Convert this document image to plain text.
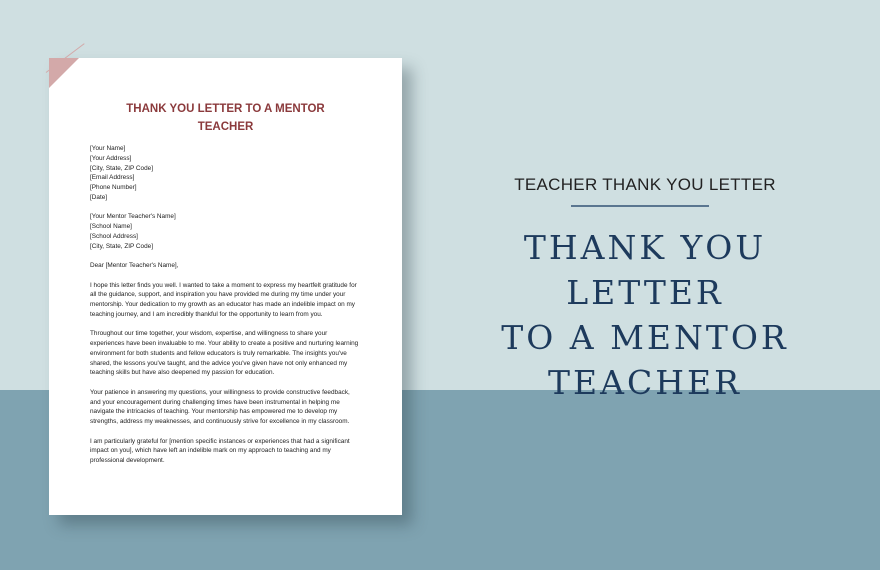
THANK YOU LETTER TO A MENTOR
TEACHER
[Your Name]
[Your Address]
[City, State, ZIP Code]
[Email Address]
[Phone Number]
[Date]
[Your Mentor Teacher's Name]
[School Name]
[School Address]
[City, State, ZIP Code]
Dear [Mentor Teacher's Name],
I hope this letter finds you well. I wanted to take a moment to express my heartfelt gratitude for
all the guidance, support, and inspiration you have provided me during my time under your
mentorship. Your dedication to my growth as an educator has made an indelible impact on my
teaching journey, and I am incredibly thankful for the opportunity to learn from you.
Throughout our time together, your wisdom, expertise, and willingness to share your
experiences have been invaluable to me. Your ability to create a positive and nurturing learning
environment for both students and fellow educators is truly remarkable. The insights you've
shared, the lessons you've taught, and the advice you've given have not only enhanced my
teaching skills but have also deepened my passion for education.
Your patience in answering my questions, your willingness to provide constructive feedback,
and your encouragement during challenging times have been instrumental in helping me
navigate the intricacies of teaching. Your mentorship has empowered me to develop my
strengths, address my weaknesses, and continuously strive for excellence in my classroom.
I am particularly grateful for [mention specific instances or experiences that had a significant
impact on you], which have left an indelible mark on my approach to teaching and my
professional development.
TEACHER THANK YOU LETTER
THANK YOU LETTER
TO A MENTOR
TEACHER
